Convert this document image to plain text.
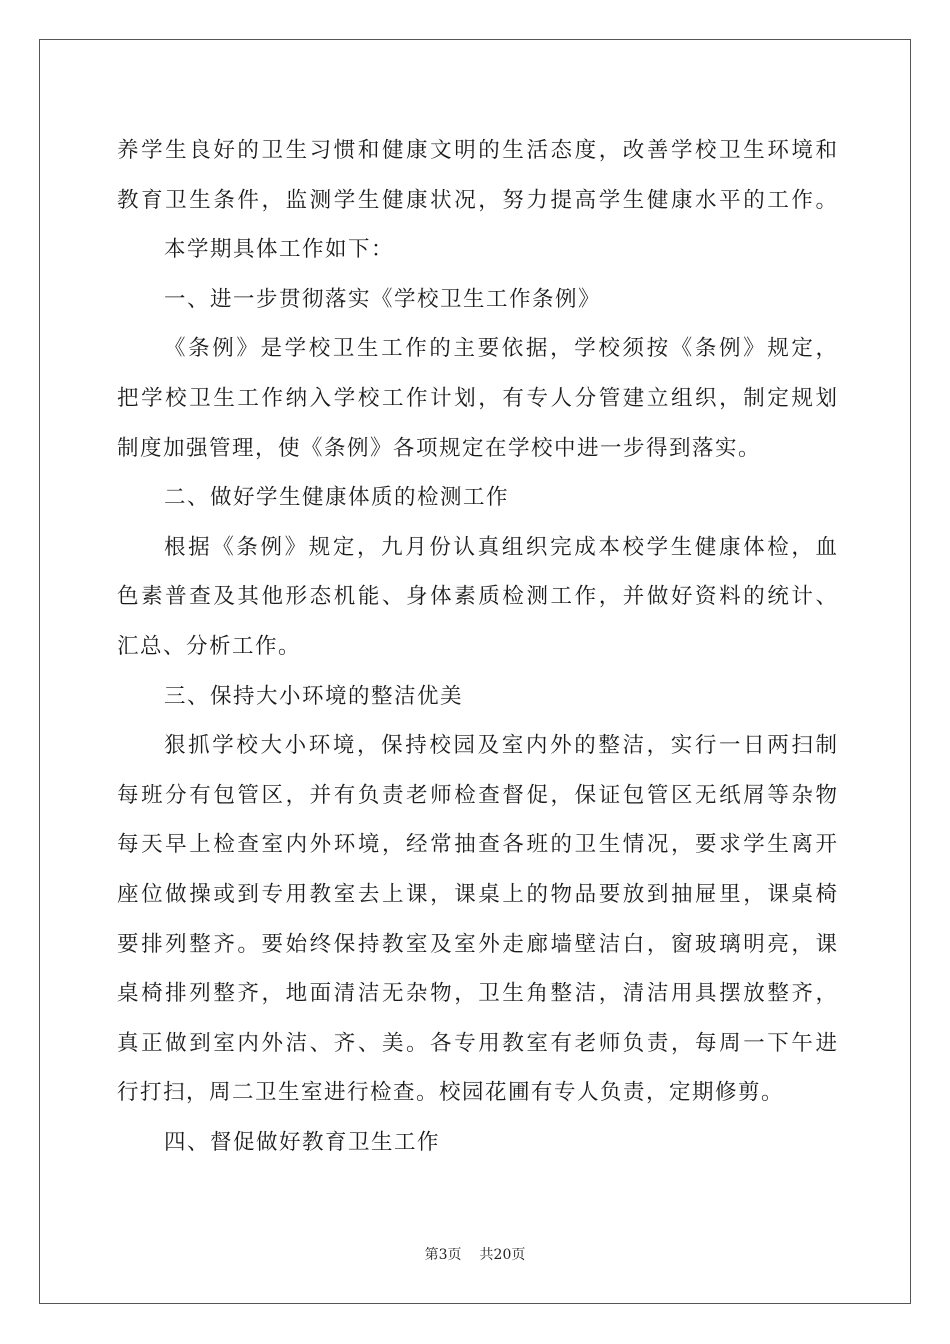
养学生良好的卫生习惯和健康文明的生活态度，改善学校卫生环境和
教育卫生条件，监测学生健康状况，努力提高学生健康水平的工作。
本学期具体工作如下：
一、进一步贯彻落实《学校卫生工作条例》
《条例》是学校卫生工作的主要依据，学校须按《条例》规定，
把学校卫生工作纳入学校工作计划，有专人分管建立组织，制定规划
制度加强管理，使《条例》各项规定在学校中进一步得到落实。
二、做好学生健康体质的检测工作
根据《条例》规定，九月份认真组织完成本校学生健康体检，血
色素普查及其他形态机能、身体素质检测工作，并做好资料的统计、
汇总、分析工作。
三、保持大小环境的整洁优美
狠抓学校大小环境，保持校园及室内外的整洁，实行一日两扫制
每班分有包管区，并有负责老师检查督促，保证包管区无纸屑等杂物
每天早上检查室内外环境，经常抽查各班的卫生情况，要求学生离开
座位做操或到专用教室去上课，课桌上的物品要放到抽屉里，课桌椅
要排列整齐。要始终保持教室及室外走廊墙壁洁白，窗玻璃明亮，课
桌椅排列整齐，地面清洁无杂物，卫生角整洁，清洁用具摆放整齐，
真正做到室内外洁、齐、美。各专用教室有老师负责，每周一下午进
行打扫，周二卫生室进行检查。校园花圃有专人负责，定期修剪。
四、督促做好教育卫生工作
第3页 共20页
